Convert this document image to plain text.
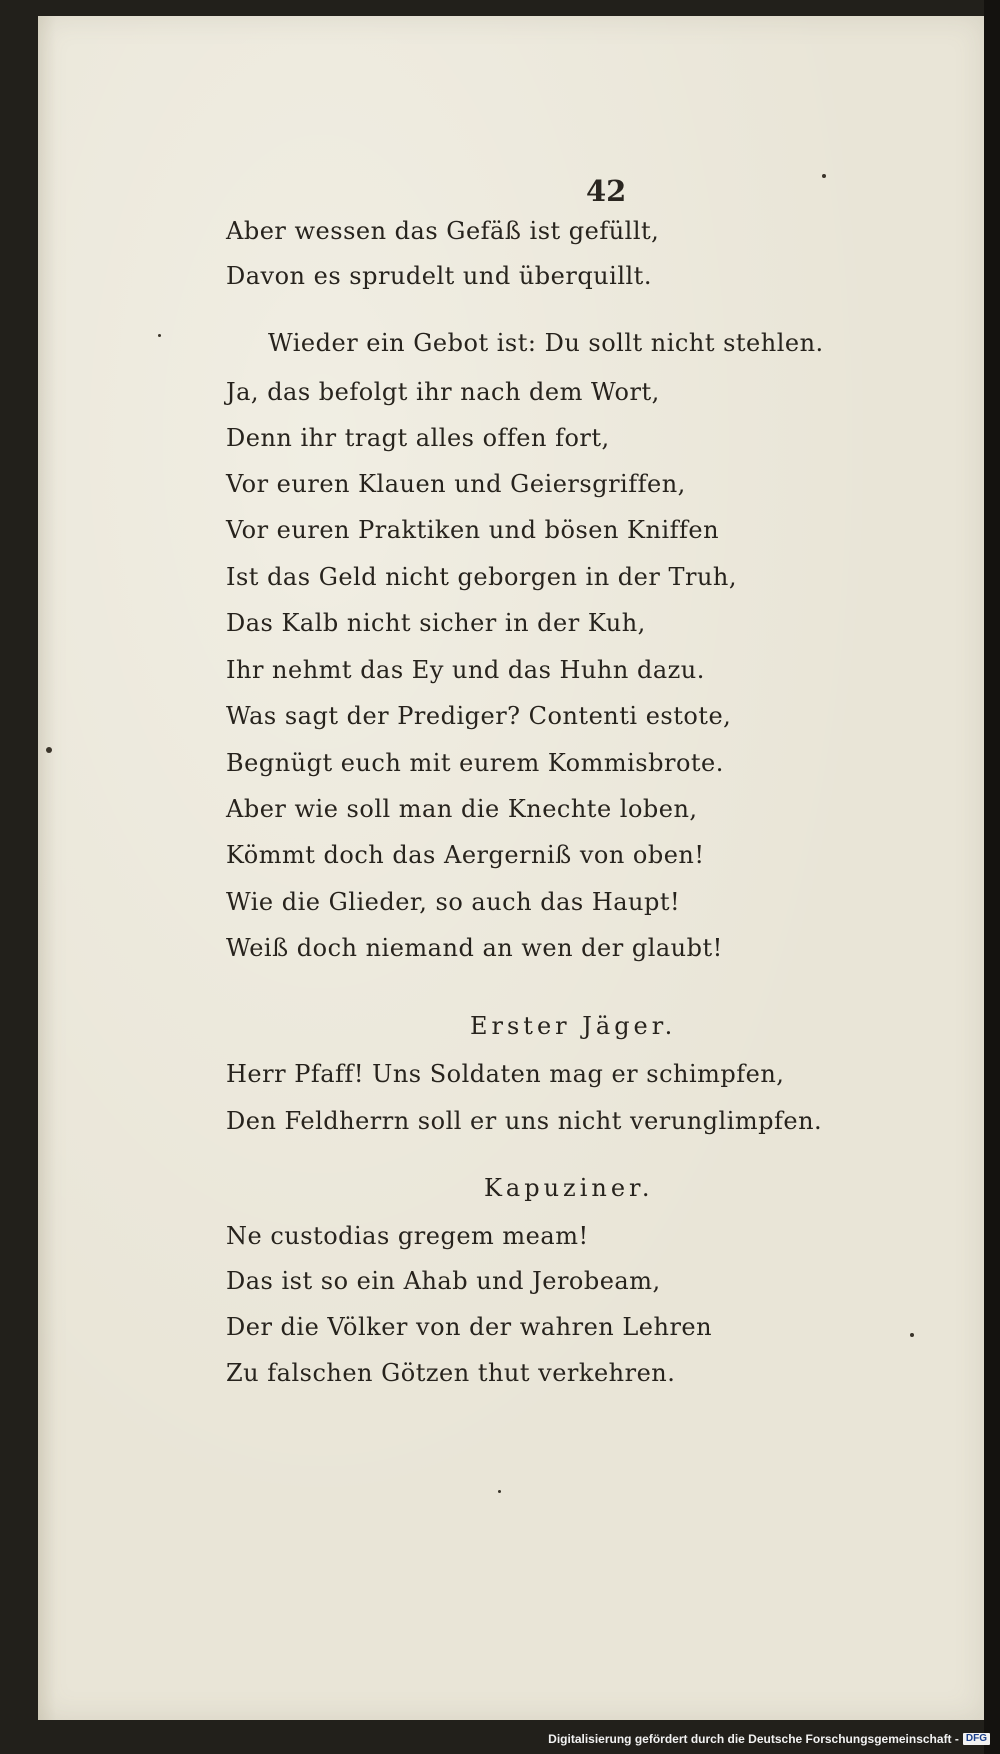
42
Aber wessen das Gefäß ist gefüllt,
Davon es sprudelt und überquillt.
Wieder ein Gebot ist: Du sollt nicht stehlen.
Ja, das befolgt ihr nach dem Wort,
Denn ihr tragt alles offen fort,
Vor euren Klauen und Geiersgriffen,
Vor euren Praktiken und bösen Kniffen
Ist das Geld nicht geborgen in der Truh,
Das Kalb nicht sicher in der Kuh,
Ihr nehmt das Ey und das Huhn dazu.
Was sagt der Prediger? Contenti estote,
Begnügt euch mit eurem Kommisbrote.
Aber wie soll man die Knechte loben,
Kömmt doch das Aergerniß von oben!
Wie die Glieder, so auch das Haupt!
Weiß doch niemand an wen der glaubt!
Erster Jäger.
Herr Pfaff! Uns Soldaten mag er schimpfen,
Den Feldherrn soll er uns nicht verunglimpfen.
Kapuziner.
Ne custodias gregem meam!
Das ist so ein Ahab und Jerobeam,
Der die Völker von der wahren Lehren
Zu falschen Götzen thut verkehren.
Digitalisierung gefördert durch die Deutsche Forschungsgemeinschaft - DFG
